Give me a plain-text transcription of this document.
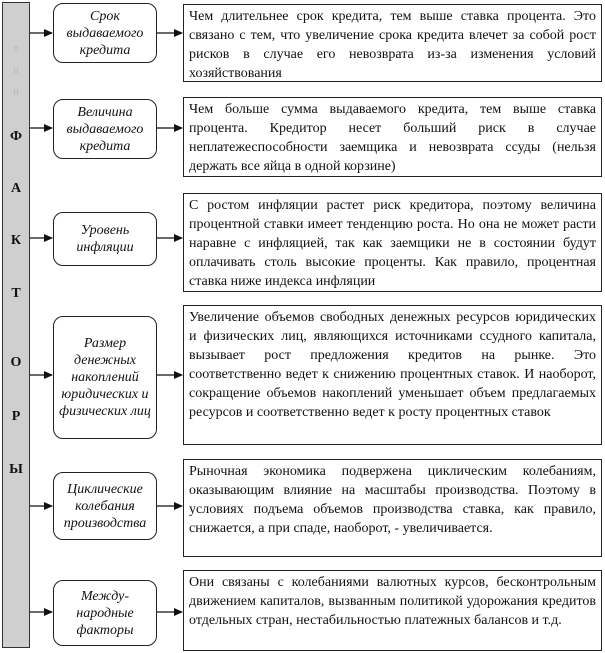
п
п
п
Ф
А
К
Т
О
Р
Ы
Срок выдаваемого кредита
Чем длительнее срок кредита, тем выше ставка процента. Это связано с тем, что увеличение срока кредита влечет за собой рост рисков в случае его невозврата из-за изменения условий хозяйствования
Величина выдаваемого кредита
Чем больше сумма выдаваемого кредита, тем выше ставка процента. Кредитор несет больший риск в случае неплатежеспособности заемщика и невозврата ссуды (нельзя держать все яйца в одной корзине)
Уровень инфляции
С ростом инфляции растет риск кредитора, поэтому величина процентной ставки имеет тенденцию роста. Но она не может расти наравне с инфляцией, так как заемщики не в состоянии будут оплачивать столь высокие проценты. Как правило, процентная ставка ниже индекса инфляции
Размер денежных накоплений юридических и физических лиц
Увеличение объемов свободных денежных ресурсов юридических и физических лиц, являющихся источниками ссудного капитала, вызывает рост предложения кредитов на рынке. Это соответственно ведет к снижению процентных ставок. И наоборот, сокращение объемов накоплений уменьшает объем предлагаемых ресурсов и соответственно ведет к росту процентных ставок
Циклические колебания производства
Рыночная экономика подвержена циклическим колебаниям, оказывающим влияние на масштабы производства. Поэтому в условиях подъема объемов производства ставка, как правило, снижается, а при спаде, наоборот, - увеличивается.
Между-народные факторы
Они связаны с колебаниями валютных курсов, бесконтрольным движением капиталов, вызванным политикой удорожания кредитов отдельных стран, нестабильностью платежных балансов и т.д.
